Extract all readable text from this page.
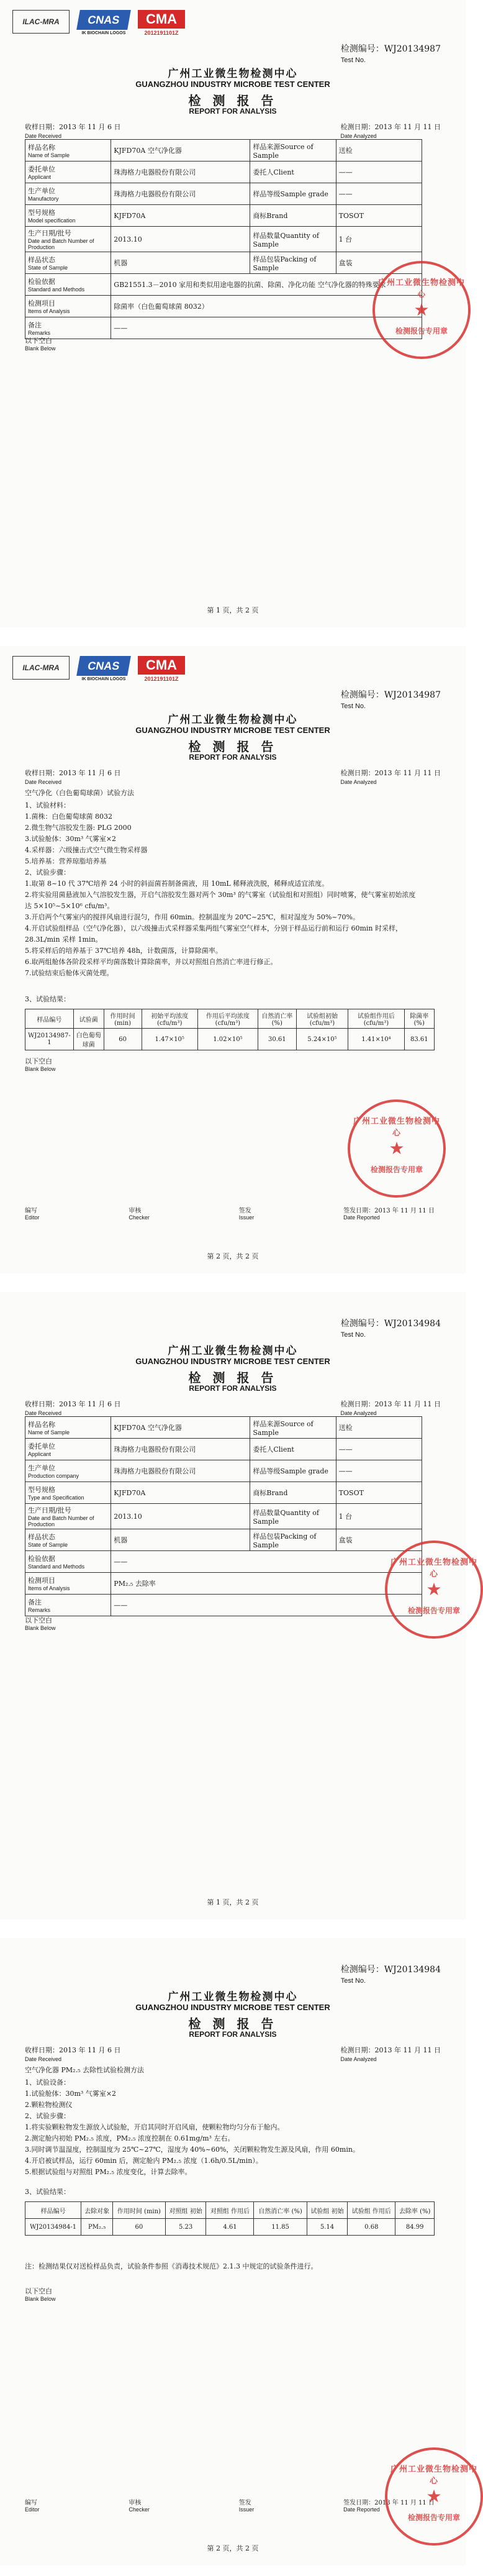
ILAC-MRA	CNAS
IK BIOCHAIN LOGOS
CMA
2012191101Z
检测编号：WJ20134987
Test No.
广州工业微生物检测中心
GUANGZHOU INDUSTRY MICROBE TEST CENTER
检 测 报 告
REPORT FOR ANALYSIS
收样日期：2013 年 11 月 6 日
Date Received
检测日期：2013 年 11 月 11 日
Date Analyzed
样品名称
Name of Sample	KJFD70A 空气净化器	样品来源Source of Sample	送检
委托单位
Applicant	珠海格力电器股份有限公司	委托人Client	——
生产单位
Manufactory	珠海格力电器股份有限公司	样品等级Sample grade	——
型号规格
Model specification	KJFD70A	商标Brand	TOSOT
生产日期/批号
Date and Batch Number of Production	2013.10	样品数量Quantity of Sample	1 台
样品状态
State of Sample	机器	样品包装Packing of Sample	盒装
检验依据
Standard and Methods	GB21551.3－2010 家用和类似用途电器的抗菌、除菌、净化功能 空气净化器的特殊要求		
检测项目
Items of Analysis	除菌率（白色葡萄球菌 8032）		
备注
Remarks	——		
以下空白
Blank Below
广州工业微生物检测中心
★
检测报告专用章
第 1 页，共 2 页
ILAC-MRA	CNAS
IK BIOCHAIN LOGOS
CMA
2012191101Z
检测编号：WJ20134987
Test No.
广州工业微生物检测中心
GUANGZHOU INDUSTRY MICROBE TEST CENTER
检 测 报 告
REPORT FOR ANALYSIS
收样日期：2013 年 11 月 6 日
Date Received
检测日期：2013 年 11 月 11 日
Date Analyzed
空气净化（白色葡萄球菌）试验方法

1、试验材料：

1.菌株：白色葡萄球菌 8032

2.微生物气溶胶发生器: PLG 2000

3.试验舱体：30m³ 气雾室×2

4.采样器：六级撞击式空气微生物采样器

5.培养基：营养琼脂培养基

2、试验步骤：

1.取第 8~10 代 37℃培养 24 小时的斜面菌苔制备菌液，用 10mL 稀释液洗脱，稀释成适宜浓度。

2.将实验用菌悬液加入气溶胶发生器，开启气溶胶发生器对两个 30m³ 的气雾室（试验组和对照组）同时喷雾，使气雾室初始浓度达 5×10⁵~5×10⁶ cfu/m³。

3.开启两个气雾室内的搅拌风扇进行混匀，作用 60min。控制温度为 20℃~25℃，相对湿度为 50%~70%。

4.开启试验组样品（空气净化器），以六级撞击式采样器采集两组气雾室空气样本，分别于样品运行前和运行 60min 时采样，28.3L/min 采样 1min。

5.将采样后的培养基于 37℃培养 48h，计数菌落，计算除菌率。

6.取两组舱体各阶段采样平均菌落数计算除菌率，并以对照组自然消亡率进行修正。

7.试验结束后舱体灭菌处理。

3、试验结果：
样品编号	试验菌	作用时间 (min)	初始平均浓度 (cfu/m³)	作用后平均浓度 (cfu/m³)	自然消亡率 (%)	试验组初始 (cfu/m³)	试验组作用后 (cfu/m³)	除菌率 (%)
WJ20134987-1	白色葡萄球菌	60	1.47×10⁵	1.02×10⁵	30.61	5.24×10⁵	1.41×10⁴	83.61
以下空白
Blank Below
编写
Editor
审核
Checker
签发
Issuer
签发日期：2013 年 11 月 11 日
Date Reported
广州工业微生物检测中心
★
检测报告专用章
第 2 页，共 2 页
检测编号：WJ20134984
Test No.
广州工业微生物检测中心
GUANGZHOU INDUSTRY MICROBE TEST CENTER
检 测 报 告
REPORT FOR ANALYSIS
收样日期：2013 年 11 月 6 日
Date Received
检测日期：2013 年 11 月 11 日
Date Analyzed
样品名称
Name of Sample	KJFD70A 空气净化器	样品来源Source of Sample	送检
委托单位
Applicant	珠海格力电器股份有限公司	委托人Client	——
生产单位
Production company	珠海格力电器股份有限公司	样品等级Sample grade	——
型号规格
Type and Specification	KJFD70A	商标Brand	TOSOT
生产日期/批号
Date and Batch Number of Production	2013.10	样品数量Quantity of Sample	1 台
样品状态
State of Sample	机器	样品包装Packing of Sample	盒装
检验依据
Standard and Methods	——		
检测项目
Items of Analysis	PM₂.₅ 去除率		
备注
Remarks	——		
以下空白
Blank Below
广州工业微生物检测中心
★
检测报告专用章
第 1 页，共 2 页
检测编号：WJ20134984
Test No.
广州工业微生物检测中心
GUANGZHOU INDUSTRY MICROBE TEST CENTER
检 测 报 告
REPORT FOR ANALYSIS
收样日期：2013 年 11 月 6 日
Date Received
检测日期：2013 年 11 月 11 日
Date Analyzed
空气净化器 PM₂.₅ 去除性试验检测方法

1、试验设备：

1.试验舱体：30m³ 气雾室×2

2.颗粒物检测仪

2、试验步骤：

1.将实验颗粒物发生源放入试验舱，开启其同时开启风扇，使颗粒物均匀分布于舱内。

2.测定舱内初始 PM₂.₅ 浓度，PM₂.₅ 浓度控制在 0.61mg/m³ 左右。

3.同时调节温湿度，控制温度为 25℃~27℃，湿度为 40%~60%，关闭颗粒物发生源及风扇，作用 60min。

4.开启被试样品，运行 60min 后，测定舱内 PM₂.₅ 浓度（1.6h/0.5L/min）。

5.根据试验组与对照组 PM₂.₅ 浓度变化，计算去除率。

3、试验结果：
样品编号	去除对象	作用时间 (min)	对照组 初始	对照组 作用后	自然消亡率 (%)	试验组 初始	试验组 作用后	去除率 (%)
WJ20134984-1	PM₂.₅	60	5.23	4.61	11.85	5.14	0.68	84.99
注：检测结果仅对送检样品负责，试验条件参照《消毒技术规范》2.1.3 中规定的试验条件进行。
以下空白
Blank Below
编写
Editor
审核
Checker
签发
Issuer
签发日期：2013 年 11 月 11 日
Date Reported
广州工业微生物检测中心
★
检测报告专用章
第 2 页，共 2 页
